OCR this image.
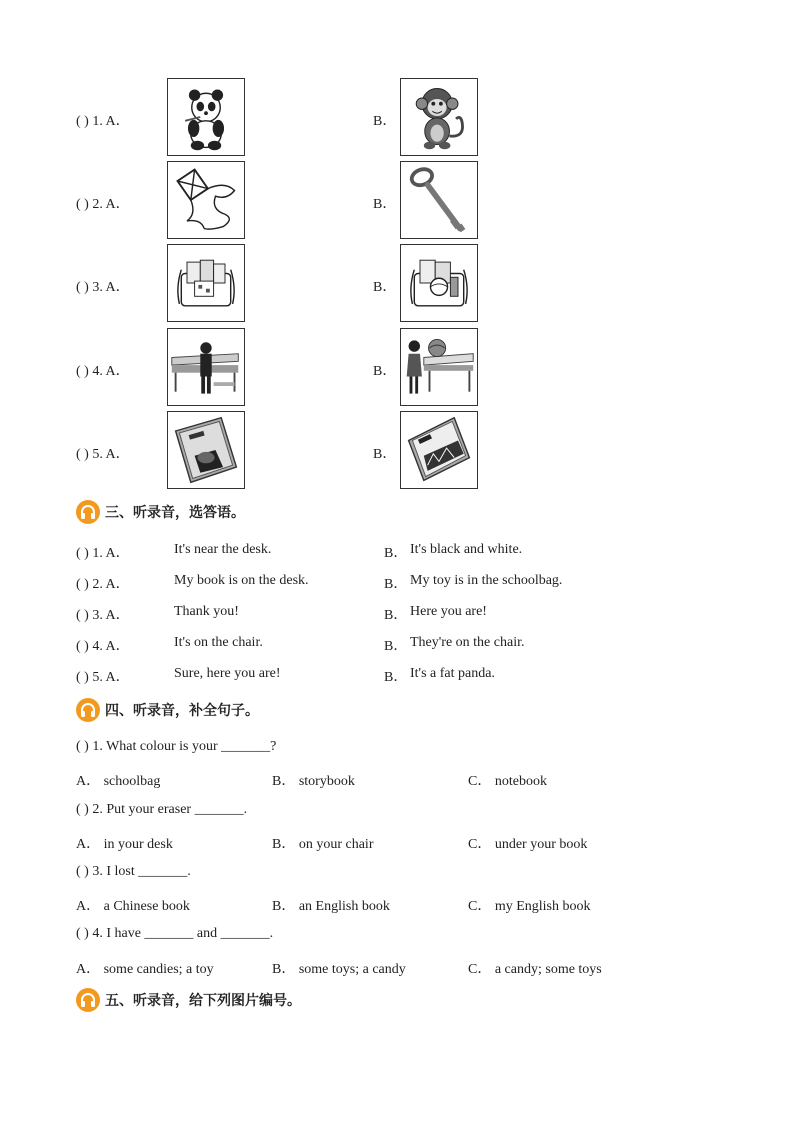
( ) 1. A．	B．
( ) 2. A．	B．
( ) 3. A．	B．
( ) 4. A．	B．
( ) 5. A．	B．
三、听录音，选答语。
( ) 1. A．	It's near the desk.	B． It's black and white.
( ) 2. A．	My book is on the desk.	B． My toy is in the schoolbag.
( ) 3. A．	Thank you!	B． Here you are!
( ) 4. A．	It's on the chair.	B． They're on the chair.
( ) 5. A．	Sure, here you are!	B． It's a fat panda.
四、听录音，补全句子。
( ) 1. What colour is your _______?
A． schoolbag	B． storybook	C． notebook
( ) 2. Put your eraser _______.
A． in your desk	B． on your chair	C． under your book
( ) 3. I lost _______.
A． a Chinese book	B． an English book	C． my English book
( ) 4. I have _______ and _______.
A． some candies; a toy	B． some toys; a candy	C． a candy; some toys
五、听录音，给下列图片编号。
